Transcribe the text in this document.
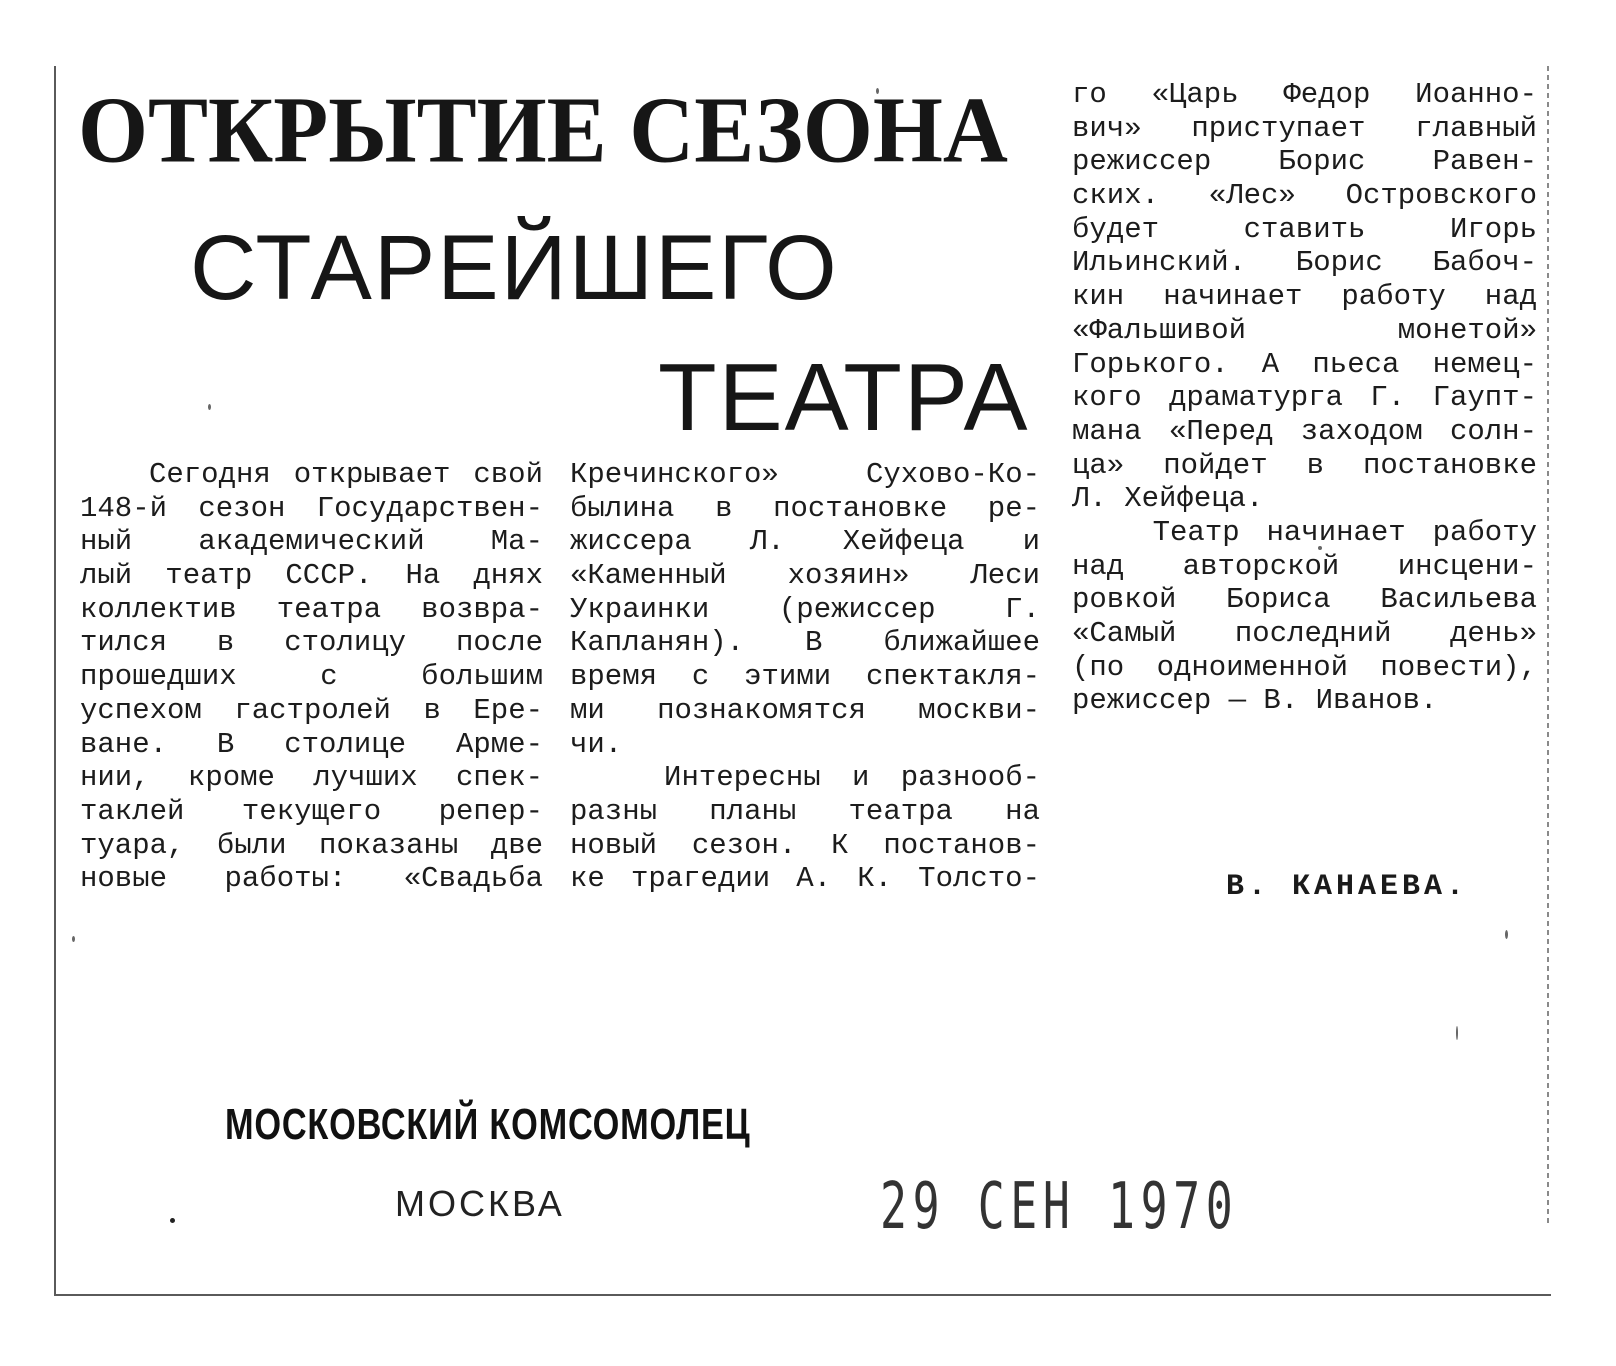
ОТКРЫТИЕ СЕЗОНА
СТАРЕЙШЕГО
ТЕАТРА
Сегодня открывает свой
148-й сезон Государствен-
ный академический Ма-
лый театр СССР. На днях
коллектив театра возвра-
тился в столицу после
прошедших с большим
успехом гастролей в Ере-
ване. В столице Арме-
нии, кроме лучших спек-
таклей текущего репер-
туара, были показаны две
новые работы: «Свадьба
Кречинского» Сухово-Ко-
былина в постановке ре-
жиссера Л. Хейфеца и
«Каменный хозяин» Леси
Украинки (режиссер Г.
Капланян). В ближайшее
время с этими спектакля-
ми познакомятся москви-
чи.
Интересны и разнооб-
разны планы театра на
новый сезон. К постанов-
ке трагедии А. К. Толсто-
го «Царь Федор Иоанно-
вич» приступает главный
режиссер Борис Равен-
ских. «Лес» Островского
будет ставить Игорь
Ильинский. Борис Бабоч-
кин начинает работу над
«Фальшивой монетой»
Горького. А пьеса немец-
кого драматурга Г. Гаупт-
мана «Перед заходом солн-
ца» пойдет в постановке
Л. Хейфеца.
Театр начинает работу
над авторской инсцени-
ровкой Бориса Васильева
«Самый последний день»
(по одноименной повести),
режиссер — В. Иванов.
В. КАНАЕВА.
МОСКОВСКИЙ КОМСОМОЛЕЦ
МОСКВА	29 СЕН 1970
